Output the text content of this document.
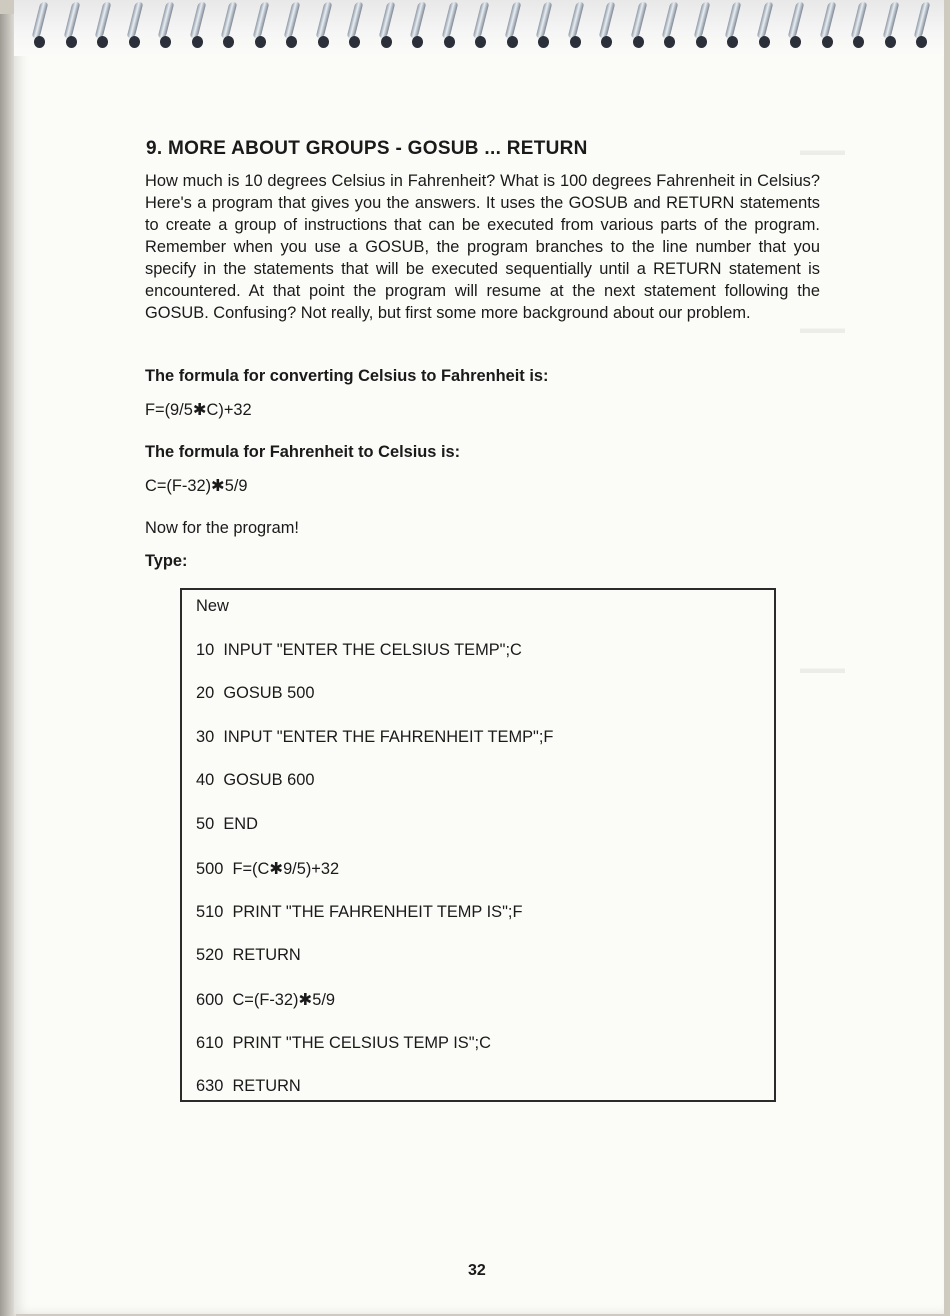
▬▬▬
▬▬▬
▬▬▬
9. MORE ABOUT GROUPS - GOSUB ... RETURN

How much is 10 degrees Celsius in Fahrenheit? What is 100 degrees Fahrenheit in Celsius? Here's a program that gives you the answers. It uses the GOSUB and RETURN statements to create a group of instructions that can be executed from various parts of the program. Remember when you use a GOSUB, the program branches to the line number that you specify in the statements that will be executed sequentially until a RETURN statement is encountered. At that point the program will resume at the next statement following the GOSUB. Confusing? Not really, but first some more background about our problem.

The formula for converting Celsius to Fahrenheit is:

F=(9/5✱C)+32

The formula for Fahrenheit to Celsius is:

C=(F-32)✱5/9

Now for the program!

Type:

New

10  INPUT "ENTER THE CELSIUS TEMP";C

20  GOSUB 500

30  INPUT "ENTER THE FAHRENHEIT TEMP";F

40  GOSUB 600

50  END

500  F=(C✱9/5)+32

510  PRINT "THE FAHRENHEIT TEMP IS";F

520  RETURN

600  C=(F-32)✱5/9

610  PRINT "THE CELSIUS TEMP IS";C

630  RETURN

32
